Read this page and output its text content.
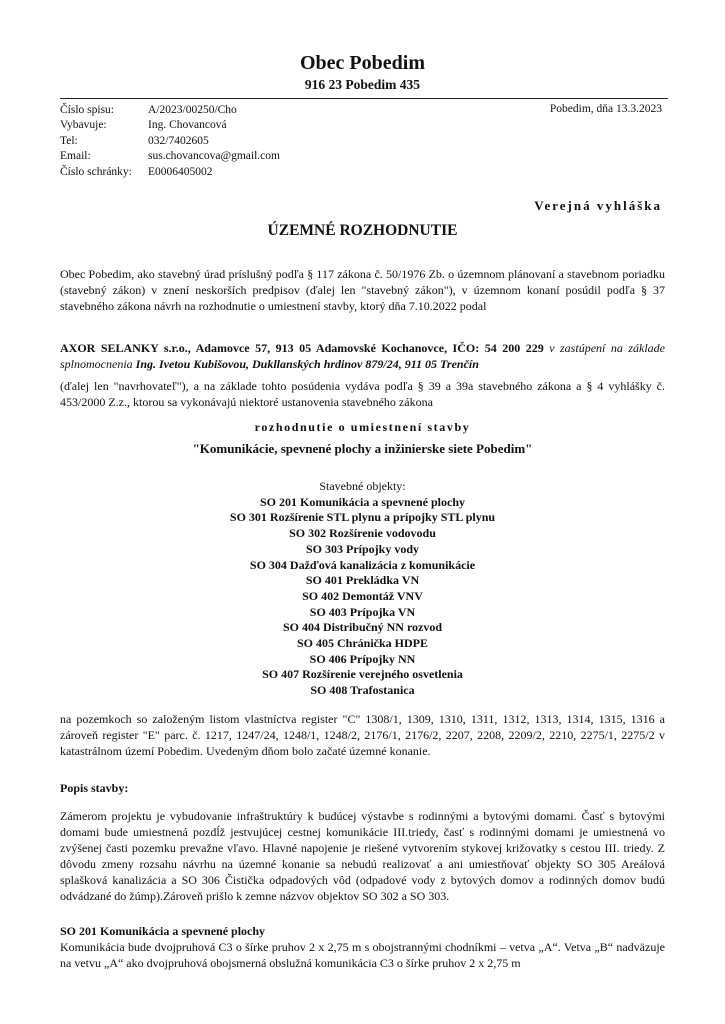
Obec Pobedim
916 23 Pobedim 435
Číslo spisu:	A/2023/00250/Cho
Vybavuje:	Ing. Chovancová
Tel:	032/7402605
Email:	sus.chovancova@gmail.com
Číslo schránky:	E0006405002
Pobedim, dňa 13.3.2023
Verejná vyhláška
ÚZEMNÉ ROZHODNUTIE
Obec Pobedim, ako stavebný úrad príslušný podľa § 117 zákona č. 50/1976 Zb. o územnom plánovaní a stavebnom poriadku (stavebný zákon) v znení neskorších predpisov (ďalej len "stavebný zákon"), v územnom konaní posúdil podľa § 37 stavebného zákona návrh na rozhodnutie o umiestnení stavby, ktorý dňa 7.10.2022 podal
AXOR SELANKY s.r.o., Adamovce 57, 913 05 Adamovské Kochanovce, IČO: 54 200 229 v zastúpení na základe splnomocnenia Ing. Ivetou Kubišovou, Dukllanských hrdinov 879/24, 911 05 Trenčín
(ďalej len "navrhovateľ"), a na základe tohto posúdenia vydáva podľa § 39 a 39a stavebného zákona a § 4 vyhlášky č. 453/2000 Z.z., ktorou sa vykonávajú niektoré ustanovenia stavebného zákona
rozhodnutie o umiestnení stavby
"Komunikácie, spevnené plochy a inžinierske siete Pobedim"
Stavebné objekty:
SO 201 Komunikácia a spevnené plochy
SO 301 Rozšírenie STL plynu a prípojky STL plynu
SO 302 Rozšírenie vodovodu
SO 303 Prípojky vody
SO 304 Dažďová kanalizácia z komunikácie
SO 401 Prekládka VN
SO 402 Demontáž VNV
SO 403 Prípojka VN
SO 404 Distribučný NN rozvod
SO 405 Chránička HDPE
SO 406 Prípojky NN
SO 407 Rozšírenie verejného osvetlenia
SO 408 Trafostanica
na pozemkoch so založeným listom vlastníctva register "C" 1308/1, 1309, 1310, 1311, 1312, 1313, 1314, 1315, 1316 a zároveň register "E" parc. č. 1217, 1247/24, 1248/1, 1248/2, 2176/1, 2176/2, 2207, 2208, 2209/2, 2210, 2275/1, 2275/2 v katastrálnom území Pobedim. Uvedeným dňom bolo začaté územné konanie.
Popis stavby:
Zámerom projektu je vybudovanie infraštruktúry k budúcej výstavbe s rodinnými a bytovými domami. Časť s bytovými domami bude umiestnená pozdĺž jestvujúcej cestnej komunikácie III.triedy, časť s rodinnými domami je umiestnená vo zvýšenej časti pozemku prevažne vľavo. Hlavné napojenie je riešené vytvorením stykovej križovatky s cestou III. triedy. Z dôvodu zmeny rozsahu návrhu na územné konanie sa nebudú realizovať a ani umiestňovať objekty SO 305 Areálová splašková kanalizácia a SO 306 Čistička odpadových vôd (odpadové vody z bytových domov a rodinných domov budú odvádzané do žúmp).Zároveň prišlo k zemne názvov objektov SO 302 a SO 303.
SO 201 Komunikácia a spevnené plochy
Komunikácia bude dvojpruhová C3 o šírke pruhov 2 x 2,75 m s obojstrannými chodníkmi – vetva „A“. Vetva „B“ nadväzuje na vetvu „A“ ako dvojpruhová obojsmerná obslužná komunikácia C3 o šírke pruhov 2 x 2,75 m
